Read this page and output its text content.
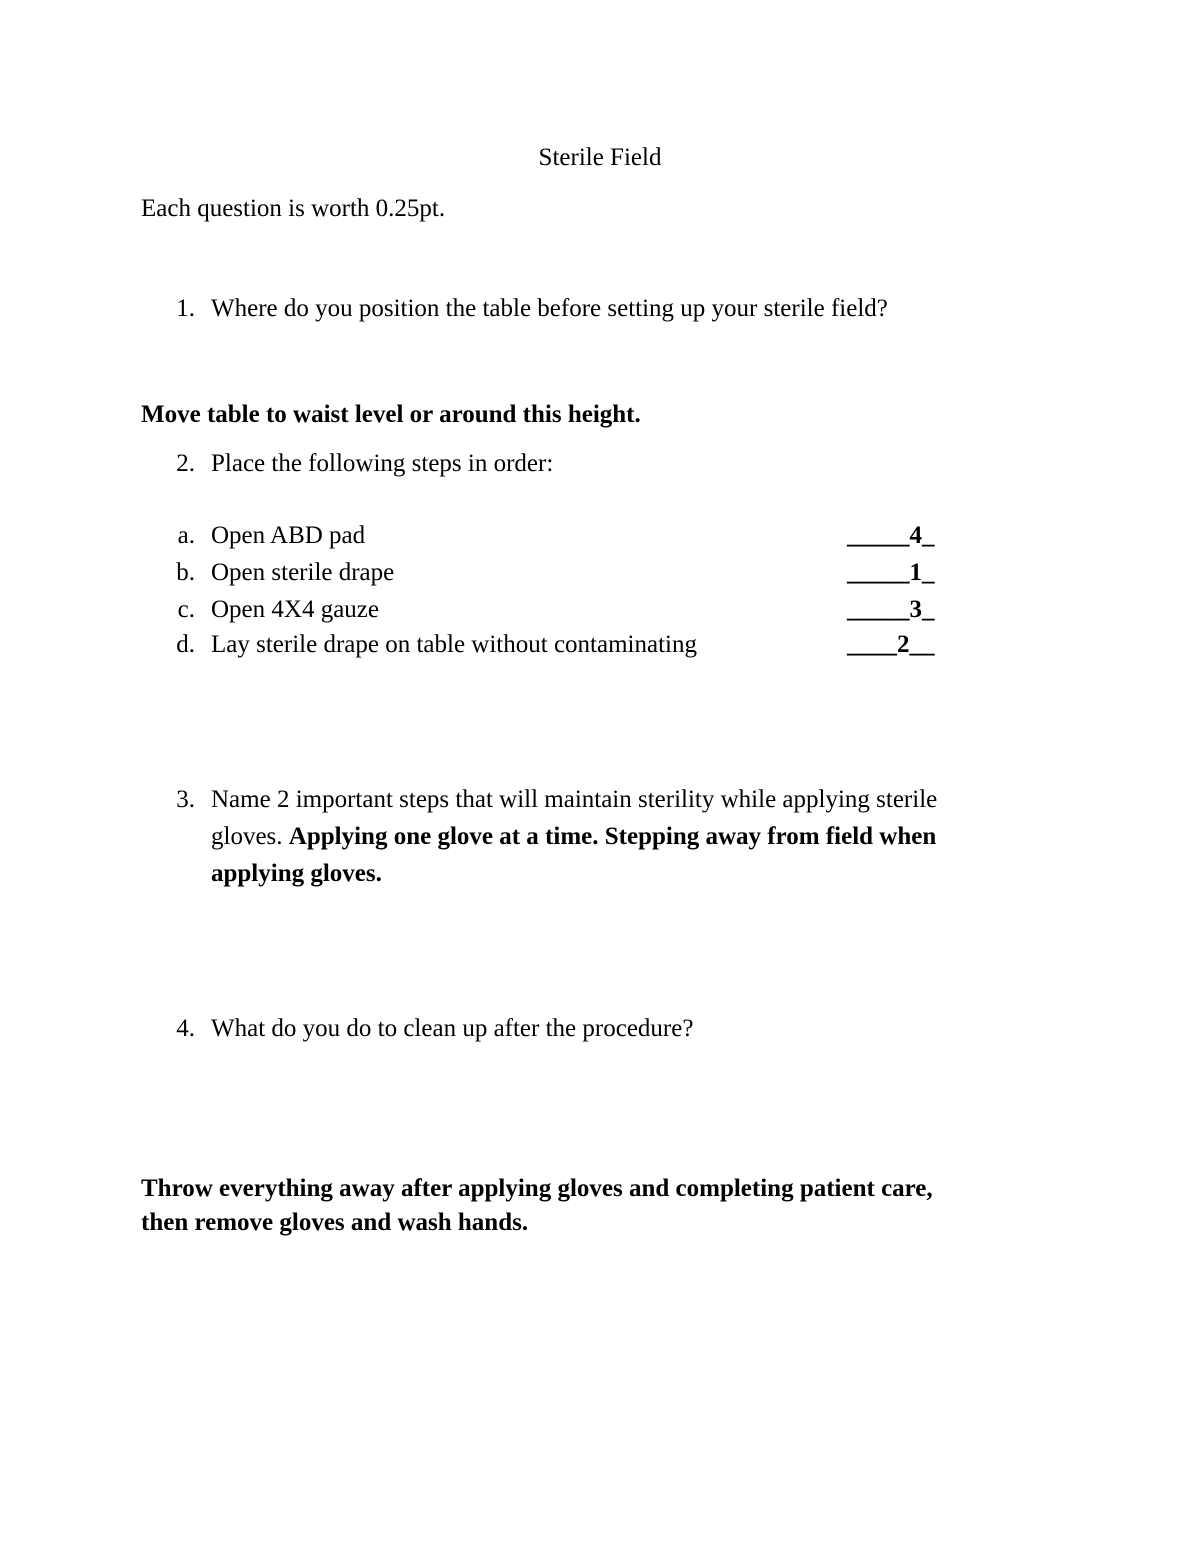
Sterile Field
Each question is worth 0.25pt.
1. Where do you position the table before setting up your sterile field?
Move table to waist level or around this height.
2. Place the following steps in order:
a. Open ABD pad	_____4_
b. Open sterile drape	_____1_
c. Open 4X4 gauze	_____3_
d. Lay sterile drape on table without contaminating	____2__
3. Name 2 important steps that will maintain sterility while applying sterile
gloves. Applying one glove at a time. Stepping away from field when
applying gloves.
4. What do you do to clean up after the procedure?
Throw everything away after applying gloves and completing patient care,
then remove gloves and wash hands.
